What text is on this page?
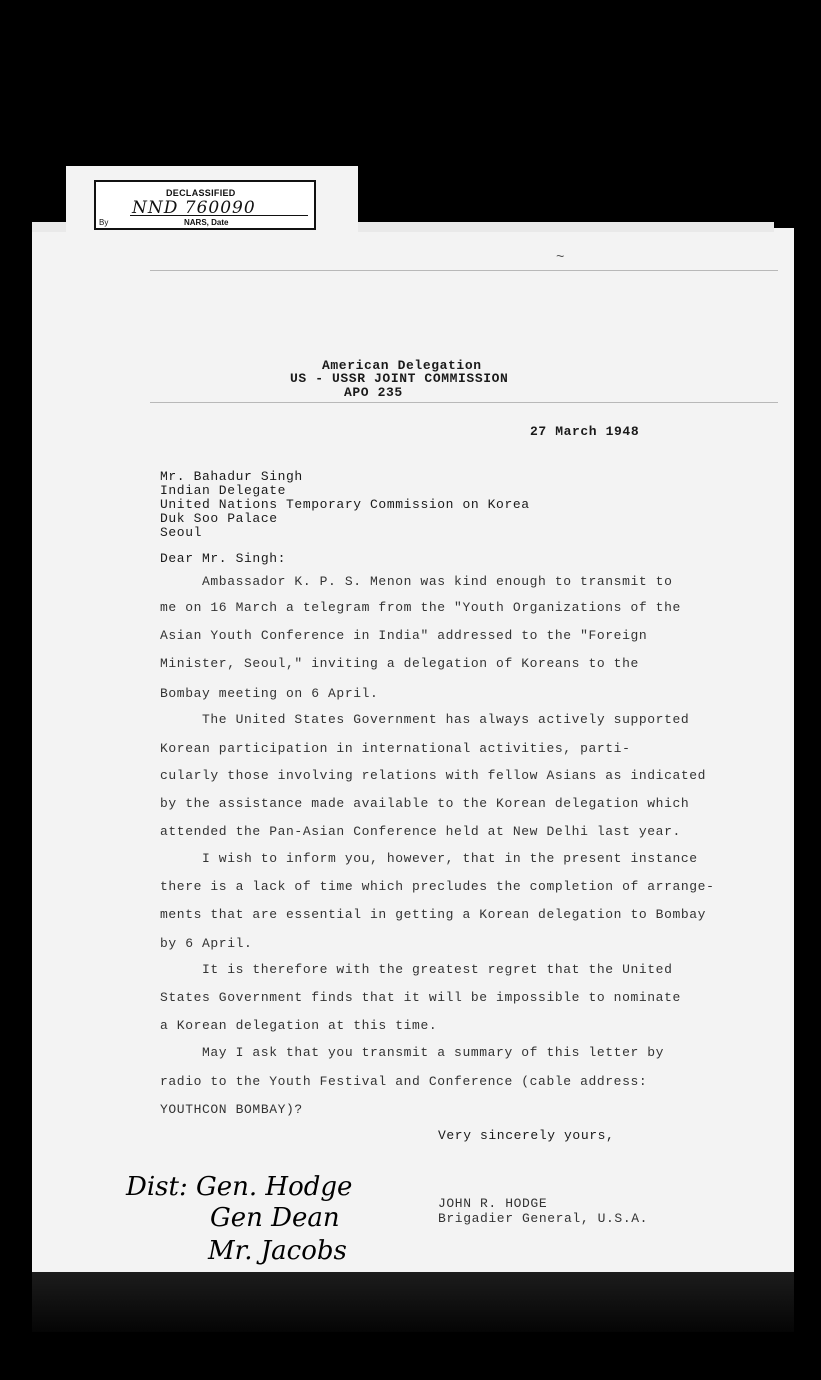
DECLASSIFIED
NND 760090
By	NARS, Date
~
American Delegation
US - USSR JOINT COMMISSION
APO 235
27 March 1948
Mr. Bahadur Singh
Indian Delegate
United Nations Temporary Commission on Korea
Duk Soo Palace
Seoul
Dear Mr. Singh:
Ambassador K. P. S. Menon was kind enough to transmit to
me on 16 March a telegram from the "Youth Organizations of the
Asian Youth Conference in India" addressed to the "Foreign
Minister, Seoul," inviting a delegation of Koreans to the
Bombay meeting on 6 April.
The United States Government has always actively supported
Korean participation in international activities, parti-
cularly those involving relations with fellow Asians as indicated
by the assistance made available to the Korean delegation which
attended the Pan-Asian Conference held at New Delhi last year.
I wish to inform you, however, that in the present instance
there is a lack of time which precludes the completion of arrange-
ments that are essential in getting a Korean delegation to Bombay
by 6 April.
It is therefore with the greatest regret that the United
States Government finds that it will be impossible to nominate
a Korean delegation at this time.
May I ask that you transmit a summary of this letter by
radio to the Youth Festival and Conference (cable address:
YOUTHCON BOMBAY)?
Very sincerely yours,
JOHN R. HODGE
Brigadier General, U.S.A.
Dist: Gen. Hodge
Gen Dean
Mr. Jacobs
